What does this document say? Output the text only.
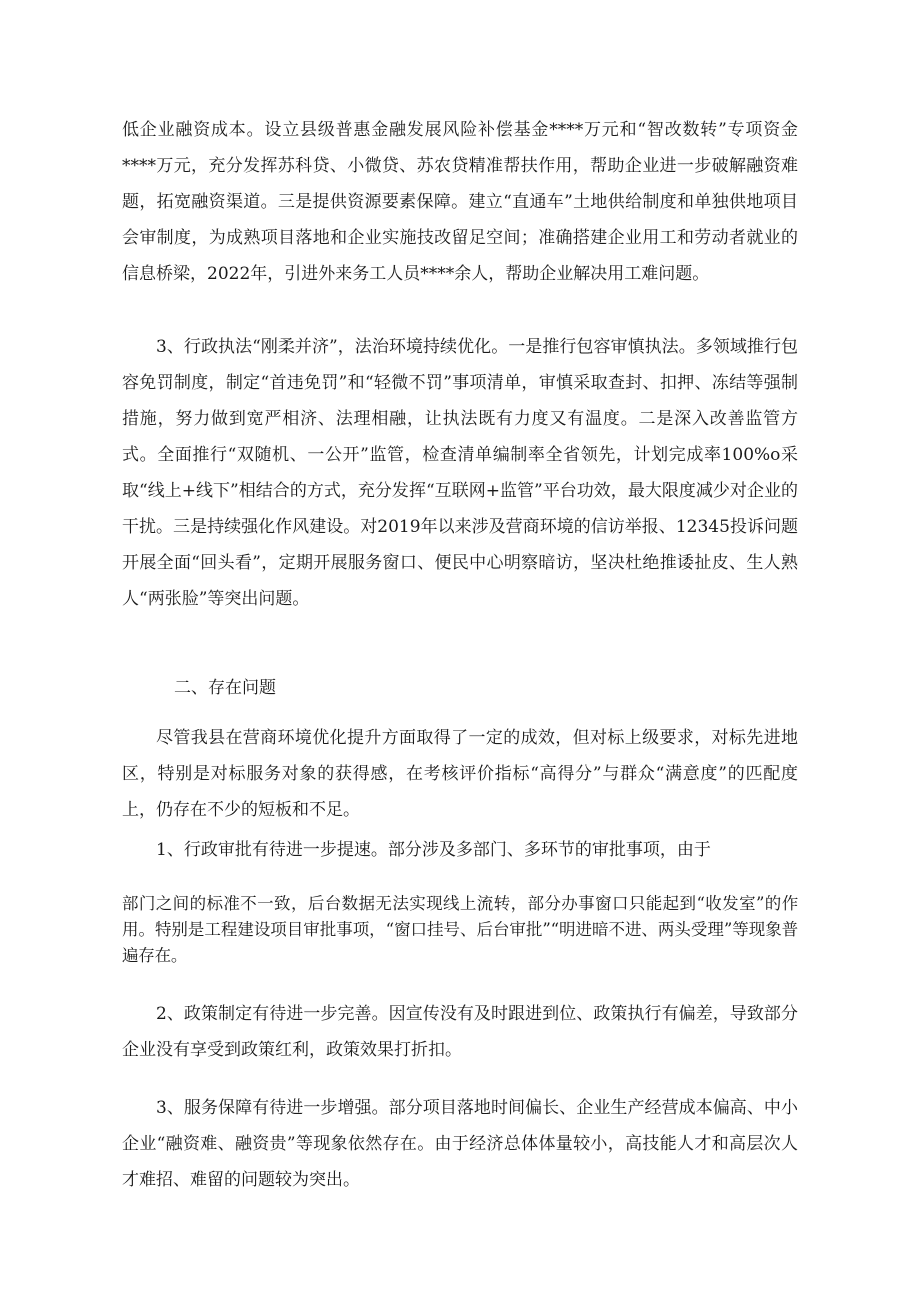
低企业融资成本。设立县级普惠金融发展风险补偿基金****万元和“智改数转”专项资金****万元，充分发挥苏科贷、小微贷、苏农贷精准帮扶作用，帮助企业进一步破解融资难题，拓宽融资渠道。三是提供资源要素保障。建立“直通车”土地供给制度和单独供地项目会审制度，为成熟项目落地和企业实施技改留足空间；准确搭建企业用工和劳动者就业的信息桥梁，2022年，引进外来务工人员****余人，帮助企业解决用工难问题。

3、行政执法“刚柔并济”，法治环境持续优化。一是推行包容审慎执法。多领域推行包容免罚制度，制定“首违免罚”和“轻微不罚”事项清单，审慎采取查封、扣押、冻结等强制措施，努力做到宽严相济、法理相融，让执法既有力度又有温度。二是深入改善监管方式。全面推行“双随机、一公开”监管，检查清单编制率全省领先，计划完成率100%o采取“线上+线下”相结合的方式，充分发挥“互联网+监管”平台功效，最大限度减少对企业的干扰。三是持续强化作风建设。对2019年以来涉及营商环境的信访举报、12345投诉问题开展全面“回头看”，定期开展服务窗口、便民中心明察暗访，坚决杜绝推诿扯皮、生人熟人“两张脸”等突出问题。

二、存在问题

尽管我县在营商环境优化提升方面取得了一定的成效，但对标上级要求，对标先进地区，特别是对标服务对象的获得感，在考核评价指标“高得分”与群众“满意度”的匹配度上，仍存在不少的短板和不足。

1、行政审批有待进一步提速。部分涉及多部门、多环节的审批事项，由于

部门之间的标准不一致，后台数据无法实现线上流转，部分办事窗口只能起到“收发室”的作用。特别是工程建设项目审批事项，“窗口挂号、后台审批”“明进暗不进、两头受理”等现象普遍存在。

2、政策制定有待进一步完善。因宣传没有及时跟进到位、政策执行有偏差，导致部分企业没有享受到政策红利，政策效果打折扣。

3、服务保障有待进一步增强。部分项目落地时间偏长、企业生产经营成本偏高、中小企业“融资难、融资贵”等现象依然存在。由于经济总体体量较小，高技能人才和高层次人才难招、难留的问题较为突出。
